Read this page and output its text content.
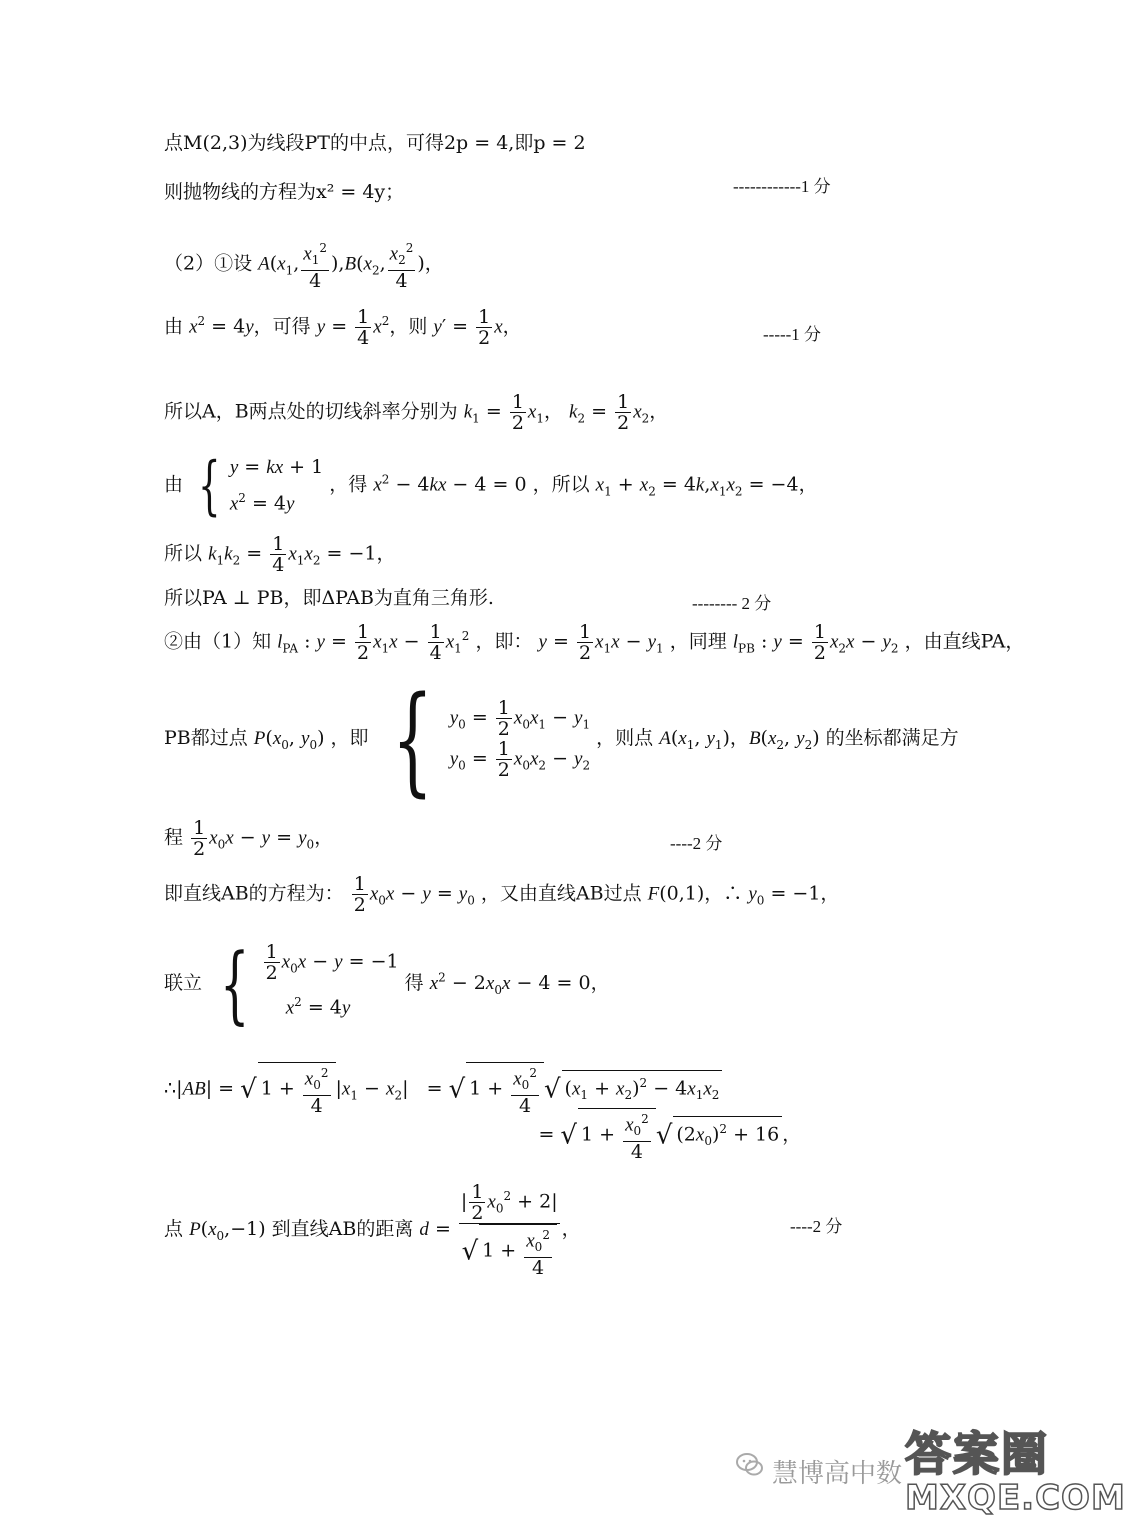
点M(2,3)为线段PT的中点，可得2p = 4,即p = 2
则抛物线的方程为x² = 4y；	------------1 分
（2）①设 $A(x_1$, $\frac{x_1^2}{4} ),B(x_2$, $\frac{x_2^2}{4}$ )，
由 $x^2 = 4y$，可得 $y = \frac{1}{4} x^2$，则 $y' = \frac{1}{2}$ x，	-----1 分
所以A，B两点处的切线斜率分别为 $k_1 = \frac{1}{2} x_1$， $k_2 = \frac{1}{2} x_2$，
由 { y = kx + 1
$x^2 = 4y$ ，得 $x^2 - 4kx - 4 = 0$ ，所以 $x_1 + x_2 = 4k,x_1x_2 = -4$，
所以 $k_1k_2 = \frac{1}{4} x_1x_2 = -1$，
所以PA ⊥ PB，即ΔPAB为直角三角形.	-------- 2 分
②由（1）知 $l_{PA}$ : $y = \frac{1}{2} x_1x - \frac{1}{4} x_1^2$ ，即： $y = \frac{1}{2} x_1x - y_1$ ，同理 $l_{PB}$ : $y = \frac{1}{2} x_2x - y_2$ ，由直线PA，
PB都过点 $P(x_0$, $y_0$) ，即 { $y_0 = \frac{1}{2} x_0x_1 - y_1$
$y_0 = \frac{1}{2} x_0x_2 - y_2$ ，则点 $A(x_1$, $y_1$)，$B(x_2$, $y_2$) 的坐标都满足方
程 $\frac{1}{2} x_0x - y = y_0$，	----2 分
即直线AB的方程为： $\frac{1}{2} x_0x - y = y_0$ ，又由直线AB过点 F(0,1)，∴ $y_0 = -1$，
联立 { $\frac{1}{2} x_0x - y = -1$
$x^2 = 4y$ 得 $x^2 - 2x_0x - 4 = 0$，
∴|AB| = √ $1 + \frac{x_0^2}{4} |x_1 - x_2|$   = √ $1 + \frac{x_0^2}{4}$ √ $(x_1 + x_2)^2 - 4x_1x_2$
= √ $1 + \frac{x_0^2}{4}$ √ $(2x_0)^2 + 16$ ，
点 $P(x_0,-1)$ 到直线AB的距离 $d = \frac{| \frac{1}{2} x_0^2 + 2|}{√ 1 + \frac{x_0^2}{4}}$ ，	----2 分
慧博高中数 答案圈
MXQE.COM
